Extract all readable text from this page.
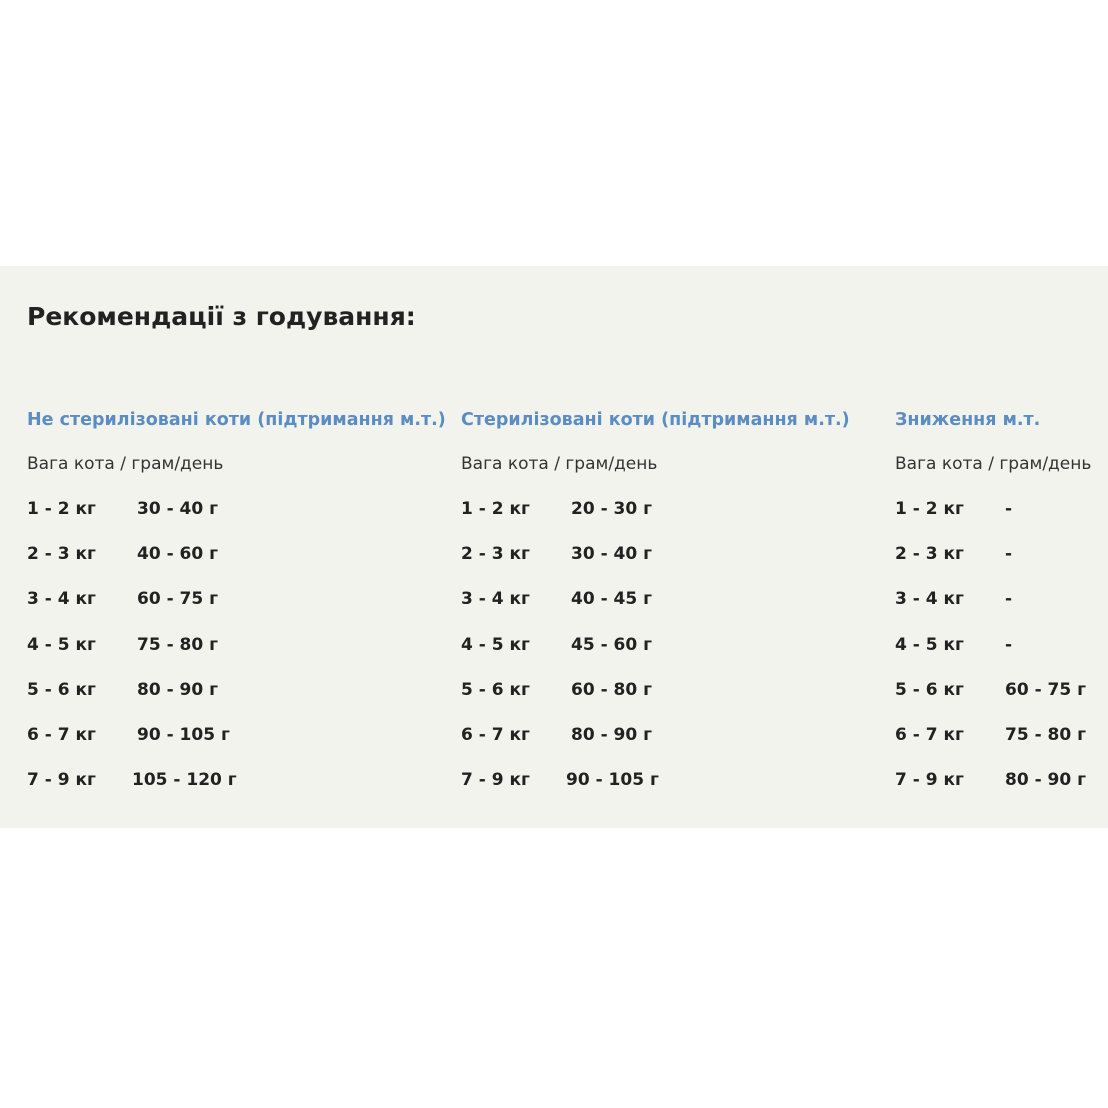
Рекомендації з годування:
Не стерилізовані коти (підтримання м.т.)
Вага кота / грам/день
1 - 2 кг 30 - 40 г
2 - 3 кг 40 - 60 г
3 - 4 кг 60 - 75 г
4 - 5 кг 75 - 80 г
5 - 6 кг 80 - 90 г
6 - 7 кг 90 - 105 г
7 - 9 кг 105 - 120 г
Стерилізовані коти (підтримання м.т.)
Вага кота / грам/день
1 - 2 кг 20 - 30 г
2 - 3 кг 30 - 40 г
3 - 4 кг 40 - 45 г
4 - 5 кг 45 - 60 г
5 - 6 кг 60 - 80 г
6 - 7 кг 80 - 90 г
7 - 9 кг 90 - 105 г
Зниження м.т.
Вага кота / грам/день
1 - 2 кг -
2 - 3 кг -
3 - 4 кг -
4 - 5 кг -
5 - 6 кг 60 - 75 г
6 - 7 кг 75 - 80 г
7 - 9 кг 80 - 90 г
